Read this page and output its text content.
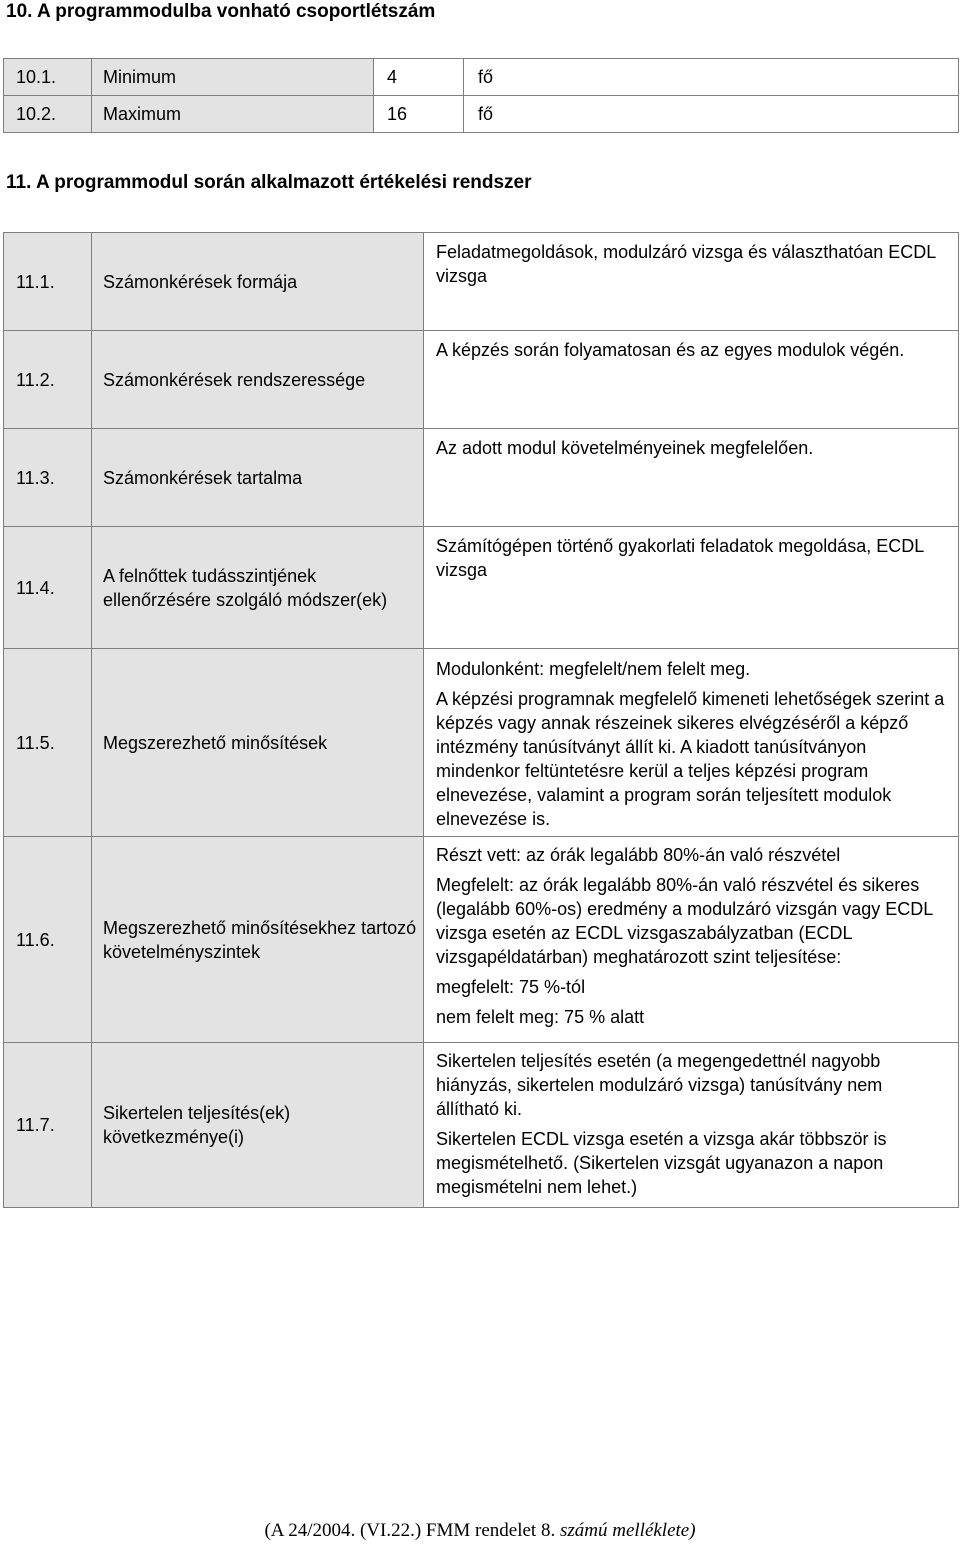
10. A programmodulba vonható csoportlétszám
10.1.	Minimum	4	fő
10.2.	Maximum	16	fő
11. A programmodul során alkalmazott értékelési rendszer
11.1.	Számonkérések formája	Feladatmegoldások, modulzáró vizsga és választhatóan ECDL vizsga

11.2.	Számonkérések rendszeressége	A képzés során folyamatosan és az egyes modulok végén.

11.3.	Számonkérések tartalma	Az adott modul követelményeinek megfelelően.

11.4.	A felnőttek tudásszintjének ellenőrzésére szolgáló módszer(ek)	Számítógépen történő gyakorlati feladatok megoldása, ECDL vizsga

11.5.	Megszerezhető minősítések	Modulonként: megfelelt/nem felelt meg.
A képzési programnak megfelelő kimeneti lehetőségek szerint a képzés vagy annak részeinek sikeres elvégzéséről a képző intézmény tanúsítványt állít ki. A kiadott tanúsítványon mindenkor feltüntetésre kerül a teljes képzési program elnevezése, valamint a program során teljesített modulok elnevezése is.

11.6.	Megszerezhető minősítésekhez tartozó követelményszintek	Részt vett: az órák legalább 80%-án való részvétel
Megfelelt: az órák legalább 80%-án való részvétel és sikeres (legalább 60%-os) eredmény a modulzáró vizsgán vagy ECDL vizsga esetén az ECDL vizsgaszabályzatban (ECDL vizsgapéldatárban) meghatározott szint teljesítése:
megfelelt: 75 %-tól
nem felelt meg: 75 % alatt

11.7.	Sikertelen teljesítés(ek) következménye(i)	Sikertelen teljesítés esetén (a megengedettnél nagyobb hiányzás, sikertelen modulzáró vizsga) tanúsítvány nem állítható ki.
Sikertelen ECDL vizsga esetén a vizsga akár többször is megismételhető. (Sikertelen vizsgát ugyanazon a napon megismételni nem lehet.)
(A 24/2004. (VI.22.) FMM rendelet 8. számú melléklete)
